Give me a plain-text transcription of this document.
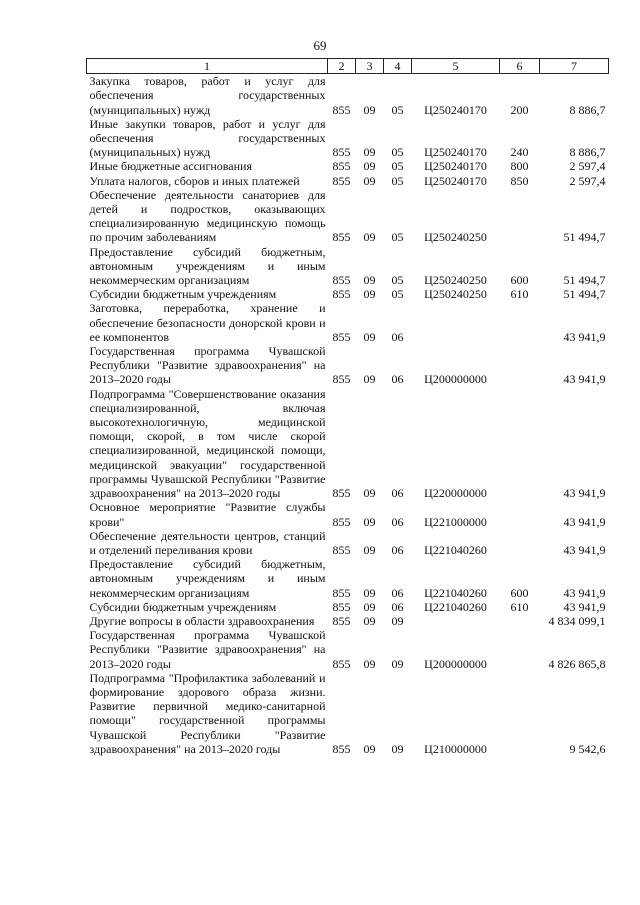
69
1	2	3	4	5	6	7
Закупка товаров, работ и услуг для обеспечения государственных (муниципальных) нужд	855	09	05	Ц250240170	200	8 886,7
Иные закупки товаров, работ и услуг для обеспечения государственных (муниципальных) нужд	855	09	05	Ц250240170	240	8 886,7
Иные бюджетные ассигнования	855	09	05	Ц250240170	800	2 597,4
Уплата налогов, сборов и иных платежей	855	09	05	Ц250240170	850	2 597,4
Обеспечение деятельности санаториев для детей и подростков, оказывающих специализированную медицинскую помощь по прочим заболеваниям	855	09	05	Ц250240250		51 494,7
Предоставление субсидий бюджетным, автономным учреждениям и иным некоммерческим организациям	855	09	05	Ц250240250	600	51 494,7
Субсидии бюджетным учреждениям	855	09	05	Ц250240250	610	51 494,7
Заготовка, переработка, хранение и обеспечение безопасности донорской крови и ее компонентов	855	09	06			43 941,9
Государственная программа Чувашской Республики "Развитие здравоохранения" на 2013–2020 годы	855	09	06	Ц200000000		43 941,9
Подпрограмма "Совершенствование оказания специализированной, включая высокотехнологичную, медицинской помощи, скорой, в том числе скорой специализированной, медицинской помощи, медицинской эвакуации" государственной программы Чувашской Республики "Развитие здравоохранения" на 2013–2020 годы	855	09	06	Ц220000000		43 941,9
Основное мероприятие "Развитие службы крови"	855	09	06	Ц221000000		43 941,9
Обеспечение деятельности центров, станций и отделений переливания крови	855	09	06	Ц221040260		43 941,9
Предоставление субсидий бюджетным, автономным учреждениям и иным некоммерческим организациям	855	09	06	Ц221040260	600	43 941,9
Субсидии бюджетным учреждениям	855	09	06	Ц221040260	610	43 941,9
Другие вопросы в области здравоохранения	855	09	09			4 834 099,1
Государственная программа Чувашской Республики "Развитие здравоохранения" на 2013–2020 годы	855	09	09	Ц200000000		4 826 865,8
Подпрограмма "Профилактика заболеваний и формирование здорового образа жизни. Развитие первичной медико-санитарной помощи" государственной программы Чувашской Республики "Развитие здравоохранения" на 2013–2020 годы	855	09	09	Ц210000000		9 542,6
